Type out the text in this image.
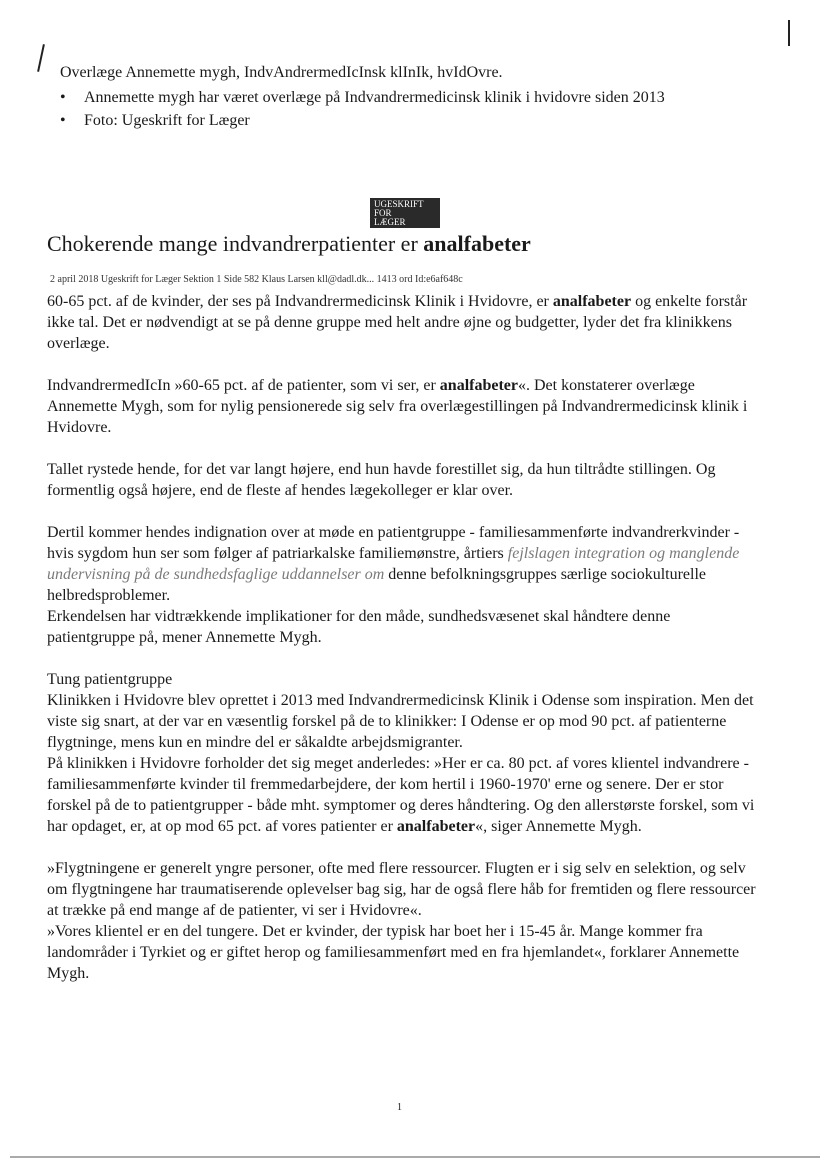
Overlæge Annemette mygh, IndvAndrermedIcInsk klInIk, hvIdOvre.
• Annemette mygh har været overlæge på Indvandrermedicinsk klinik i hvidovre siden 2013
• Foto: Ugeskrift for Læger
UGESKRIFT
FOR
LÆGER
Chokerende mange indvandrerpatienter er analfabeter
2 april 2018 Ugeskrift for Læger Sektion 1 Side 582 Klaus Larsen kll@dadl.dk... 1413 ord Id:e6af648c

60-65 pct. af de kvinder, der ses på Indvandrermedicinsk Klinik i Hvidovre, er analfabeter og enkelte forstår ikke tal. Det er nødvendigt at se på denne gruppe med helt andre øjne og budgetter, lyder det fra klinikkens overlæge.

IndvandrermedIcIn »60-65 pct. af de patienter, som vi ser, er analfabeter«. Det konstaterer overlæge Annemette Mygh, som for nylig pensionerede sig selv fra overlægestillingen på Indvandrermedicinsk klinik i Hvidovre.

Tallet rystede hende, for det var langt højere, end hun havde forestillet sig, da hun tiltrådte stillingen. Og formentlig også højere, end de fleste af hendes lægekolleger er klar over.

Dertil kommer hendes indignation over at møde en patientgruppe - familiesammenførte indvandrerkvinder - hvis sygdom hun ser som følger af patriarkalske familiemønstre, årtiers fejlslagen integration og manglende undervisning på de sundhedsfaglige uddannelser om denne befolkningsgruppes særlige sociokulturelle helbredsproblemer.

Erkendelsen har vidtrækkende implikationer for den måde, sundhedsvæsenet skal håndtere denne patientgruppe på, mener Annemette Mygh.

Tung patientgruppe

Klinikken i Hvidovre blev oprettet i 2013 med Indvandrermedicinsk Klinik i Odense som inspiration. Men det viste sig snart, at der var en væsentlig forskel på de to klinikker: I Odense er op mod 90 pct. af patienterne flygtninge, mens kun en mindre del er såkaldte arbejdsmigranter.

På klinikken i Hvidovre forholder det sig meget anderledes: »Her er ca. 80 pct. af vores klientel indvandrere - familiesammenførte kvinder til fremmedarbejdere, der kom hertil i 1960-1970' erne og senere. Der er stor forskel på de to patientgrupper - både mht. symptomer og deres håndtering. Og den allerstørste forskel, som vi har opdaget, er, at op mod 65 pct. af vores patienter er analfabeter«, siger Annemette Mygh.

»Flygtningene er generelt yngre personer, ofte med flere ressourcer. Flugten er i sig selv en selektion, og selv om flygtningene har traumatiserende oplevelser bag sig, har de også flere håb for fremtiden og flere ressourcer at trække på end mange af de patienter, vi ser i Hvidovre«.

»Vores klientel er en del tungere. Det er kvinder, der typisk har boet her i 15-45 år. Mange kommer fra landområder i Tyrkiet og er giftet herop og familiesammenført med en fra hjemlandet«, forklarer Annemette Mygh.

1
